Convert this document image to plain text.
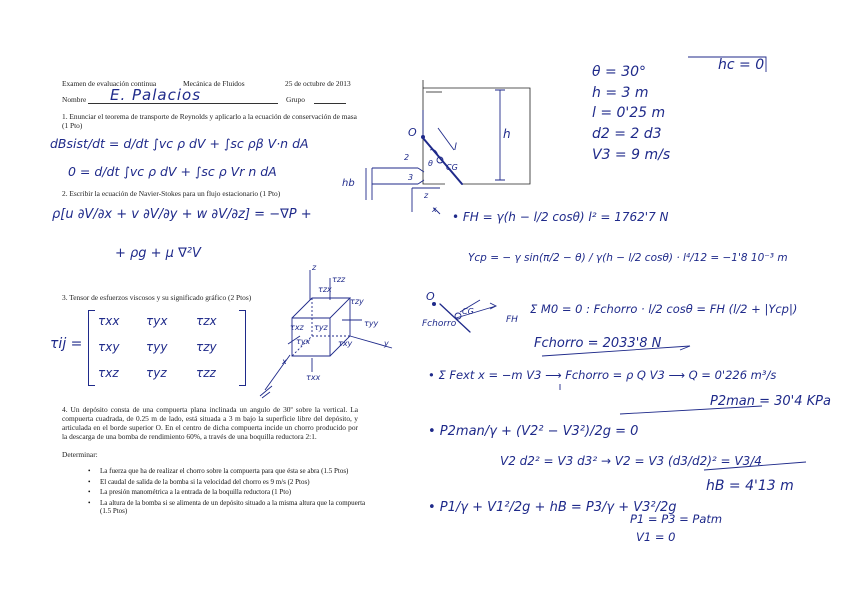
Examen de evaluación continua	Mecánica de Fluidos	25 de octubre de 2013
Nombre E. Palacios	Grupo
1. Enunciar el teorema de transporte de Reynolds y aplicarlo a la ecuación de conservación de masa (1 Pto)
2. Escribir la ecuación de Navier-Stokes para un flujo estacionario (1 Pto)
3. Tensor de esfuerzos viscosos y su significado gráfico (2 Ptos)
4. Un depósito consta de una compuerta plana inclinada un angulo de 30º sobre la vertical. La compuerta cuadrada, de 0.25 m de lado, está situada a 3 m bajo la superficie libre del depósito, y articulada en el borde superior O. En el centro de dicha compuerta incide un chorro producido por la descarga de una bomba de rendimiento 60%, a través de una boquilla reductora 2:1.
Determinar:
• La fuerza que ha de realizar el chorro sobre la compuerta para que ésta se abra (1.5 Ptos)
• El caudal de salida de la bomba si la velocidad del chorro es 9 m/s (2 Ptos)
• La presión manométrica a la entrada de la boquilla reductora (1 Pto)
• La altura de la bomba si se alimenta de un depósito situado a la misma altura que la compuerta (1.5 Ptos)
dBsist/dt = d/dt ∫vc ρ dV + ∫sc ρβ V·n dA
0 = d/dt ∫vc ρ dV + ∫sc ρ Vr n dA
ρ[u ∂V/∂x + v ∂V/∂y + w ∂V/∂z] = −∇P +
+ ρg + μ ∇²V
τij =
τxx τyx τzx
τxy τyy τzy
τxz τyz τzz
O	h
l
CG
θ
2
3
hb
z
x
O
Fchorro
CG
FH
z
τzz
τzy
τzx
τxz τyz	τyy
τxy
τyx
τxx
y
x
θ = 30°	hc = 0
h = 3 m
l = 0'25 m
d2 = 2 d3
V3 = 9 m/s
• FH = γ(h − l/2 cosθ) l² = 1762'7 N
Ycp = − γ sin(π/2 − θ) / γ(h − l/2 cosθ) · l⁴/12 = −1'8 10⁻³ m
Σ M0 = 0 : Fchorro · l/2 cosθ = FH (l/2 + |Ycp|)
Fchorro = 2033'8 N
• Σ Fext x = −m V3 ⟶ Fchorro = ρ Q V3 ⟶ Q = 0'226 m³/s
P2man = 30'4 KPa
• P2man/γ + (V2² − V3²)/2g = 0
V2 d2² = V3 d3² → V2 = V3 (d3/d2)² = V3/4
hB = 4'13 m
• P1/γ + V1²/2g + hB = P3/γ + V3²/2g
P1 = P3 = Patm
V1 = 0
